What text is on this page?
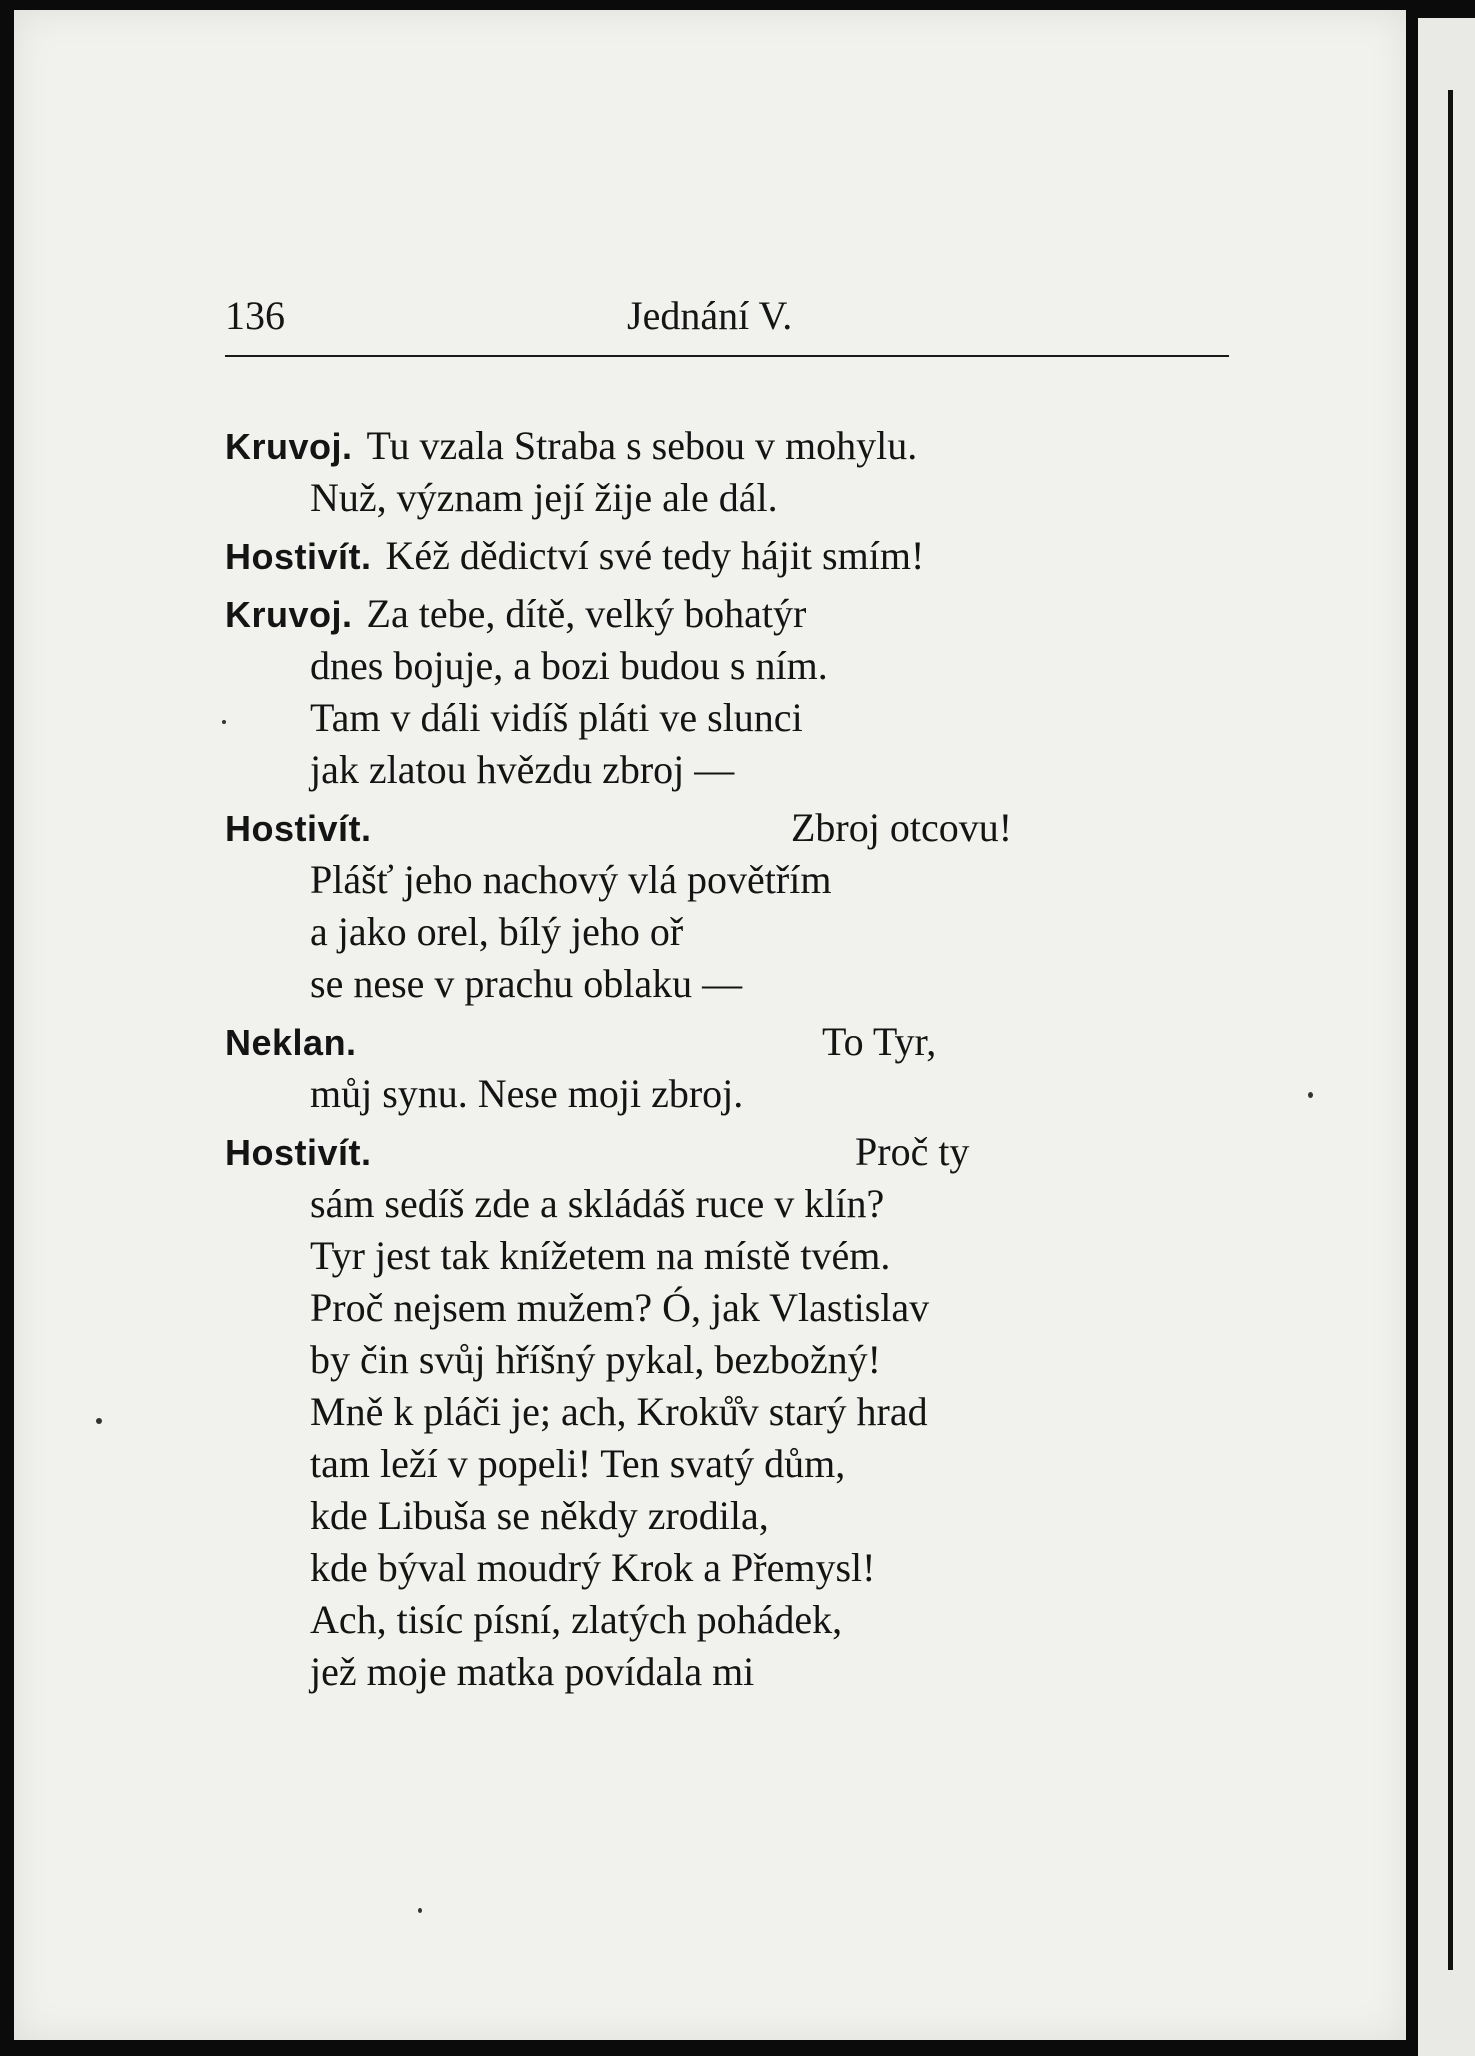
136	Jednání V.
Kruvoj. Tu vzala Straba s sebou v mohylu.
Nuž, význam její žije ale dál.
Hostivít. Kéž dědictví své tedy hájit smím!
Kruvoj. Za tebe, dítě, velký bohatýr
dnes bojuje, a bozi budou s ním.
Tam v dáli vidíš pláti ve slunci
jak zlatou hvězdu zbroj —
Hostivít.	Zbroj otcovu!
Plášť jeho nachový vlá povětřím
a jako orel, bílý jeho oř
se nese v prachu oblaku —
Neklan.	To Tyr,
můj synu. Nese moji zbroj.
Hostivít.	Proč ty
sám sedíš zde a skládáš ruce v klín?
Tyr jest tak knížetem na místě tvém.
Proč nejsem mužem? Ó, jak Vlastislav
by čin svůj hříšný pykal, bezbožný!
Mně k pláči je; ach, Kroků̊v starý hrad
tam leží v popeli! Ten svatý dům,
kde Libuša se někdy zrodila,
kde býval moudrý Krok a Přemysl!
Ach, tisíc písní, zlatých pohádek,
jež moje matka povídala mi
